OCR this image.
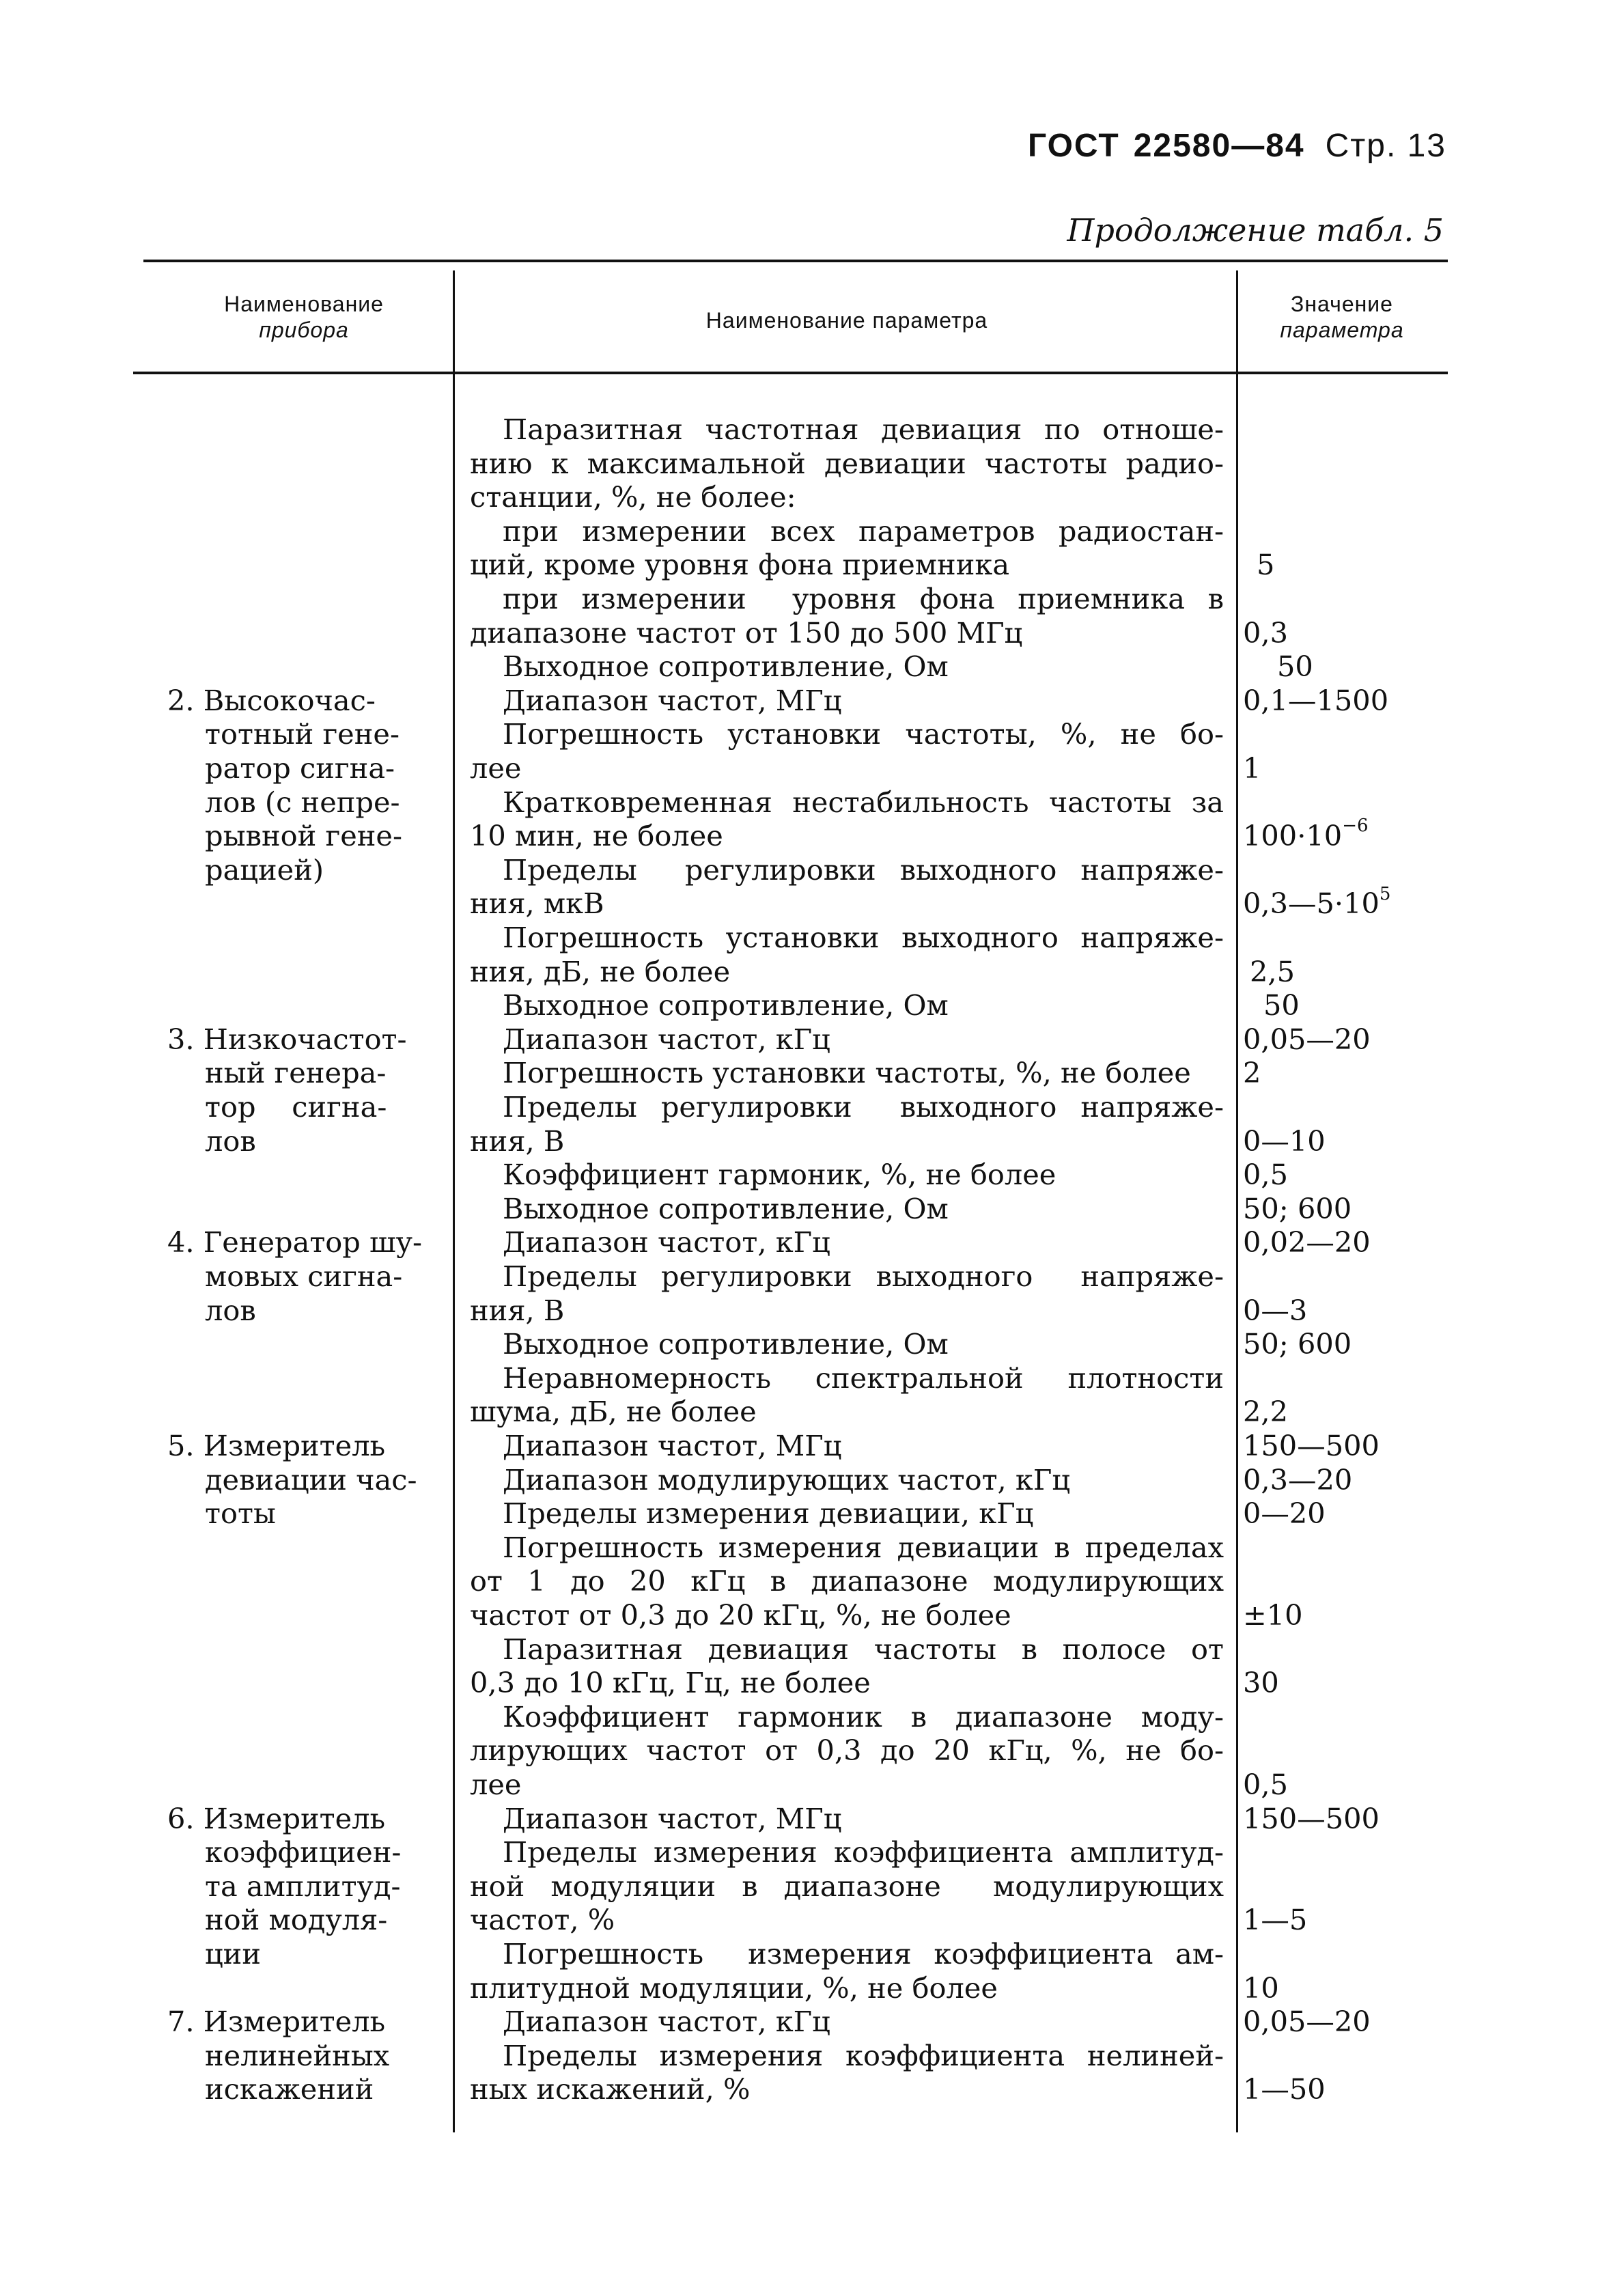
ГОСТ 22580—84 Стр. 13
Продолжение табл. 5
Наименование
прибора	Наименование параметра
Значение
параметра
Паразитная частотная девиация по отноше-
нию к максимальной девиации частоты радио-
станции, %, не более:
при измерении всех параметров радиостан-
ций, кроме уровня фона приемника
при измерении  уровня фона приемника в
диапазоне частот от 150 до 500 МГц
Выходное сопротивление, Ом
Диапазон частот, МГц
Погрешность установки частоты, %, не бо-
лее
Кратковременная нестабильность частоты за
10 мин, не более
Пределы  регулировки выходного напряже-
ния, мкВ
Погрешность установки выходного напряже-
ния, дБ, не более
Выходное сопротивление, Ом
Диапазон частот, кГц
Погрешность установки частоты, %, не более
Пределы регулировки  выходного напряже-
ния, В
Коэффициент гармоник, %, не более
Выходное сопротивление, Ом
Диапазон частот, кГц
Пределы регулировки выходного  напряже-
ния, В
Выходное сопротивление, Ом
Неравномерность  спектральной  плотности
шума, дБ, не более
Диапазон частот, МГц
Диапазон модулирующих частот, кГц
Пределы измерения девиации, кГц
Погрешность измерения девиации в пределах
от 1 до 20 кГц в диапазоне модулирующих
частот от 0,3 до 20 кГц, %, не более
Паразитная девиация частоты в полосе от
0,3 до 10 кГц, Гц, не более
Коэффициент гармоник в диапазоне моду-
лирующих частот от 0,3 до 20 кГц, %, не бо-
лее
Диапазон частот, МГц
Пределы измерения коэффициента амплитуд-
ной модуляции в диапазоне  модулирующих
частот, %
Погрешность  измерения коэффициента ам-
плитудной модуляции, %, не более
Диапазон частот, кГц
Пределы измерения коэффициента нелиней-
ных искажений, %
5
0,3
50
0,1—1500
1
$100\cdot 10^{-6}$
$0,3—5\cdot 10^5$
2,5
50
0,05—20
2
0—10
0,5
50; 600
0,02—20
0—3
50; 600
2,2
150—500
0,3—20
0—20
±10
30
0,5
150—500
1—5
10
0,05—20
1—50
2. Высокочас-
тотный гене-
ратор сигна-
лов (с непре-
рывной гене-
рацией)
3. Низкочастот-
ный генера-
тор    сигна-
лов
4. Генератор шу-
мовых сигна-
лов
5. Измеритель
девиации час-
тоты
6. Измеритель
коэффициен-
та амплитуд-
ной модуля-
ции
7. Измеритель
нелинейных
искажений
